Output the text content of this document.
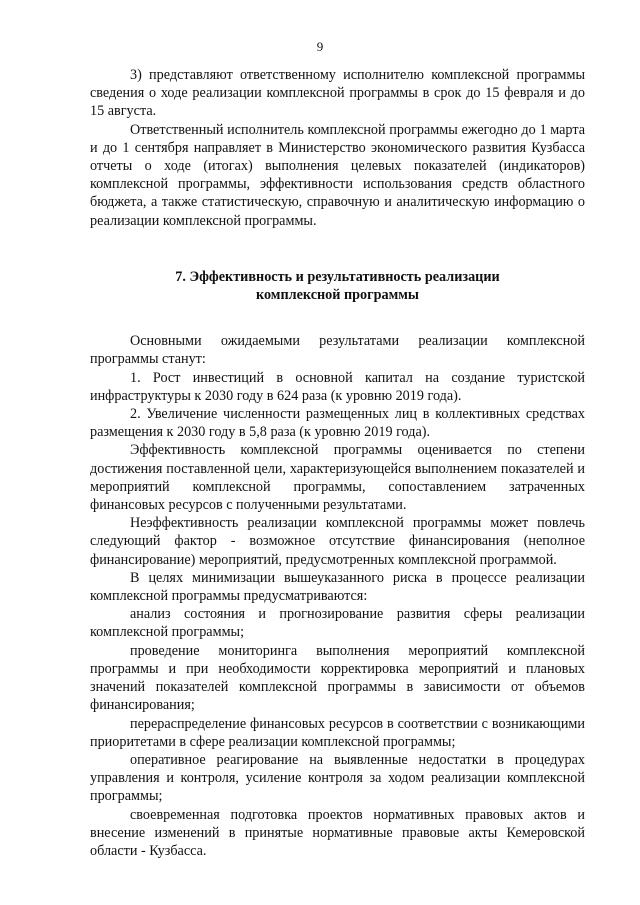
9

3) представляют ответственному исполнителю комплексной программы сведения о ходе реализации комплексной программы в срок до 15 февраля и до 15 августа.

Ответственный исполнитель комплексной программы ежегодно до 1 марта и до 1 сентября направляет в Министерство экономического развития Кузбасса отчеты о ходе (итогах) выполнения целевых показателей (индикаторов) комплексной программы, эффективности использования средств областного бюджета, а также статистическую, справочную и аналитическую информацию о реализации комплексной программы.

7. Эффективность и результативность реализации
комплексной программы

Основными ожидаемыми результатами реализации комплексной программы станут:

1. Рост инвестиций в основной капитал на создание туристской инфраструктуры к 2030 году в 624 раза (к уровню 2019 года).

2. Увеличение численности размещенных лиц в коллективных средствах размещения к 2030 году в 5,8 раза (к уровню 2019 года).

Эффективность комплексной программы оценивается по степени достижения поставленной цели, характеризующейся выполнением показателей и мероприятий комплексной программы, сопоставлением затраченных финансовых ресурсов с полученными результатами.

Неэффективность реализации комплексной программы может повлечь следующий фактор - возможное отсутствие финансирования (неполное финансирование) мероприятий, предусмотренных комплексной программой.

В целях минимизации вышеуказанного риска в процессе реализации комплексной программы предусматриваются:

анализ состояния и прогнозирование развития сферы реализации комплексной программы;

проведение мониторинга выполнения мероприятий комплексной программы и при необходимости корректировка мероприятий и плановых значений показателей комплексной программы в зависимости от объемов финансирования;

перераспределение финансовых ресурсов в соответствии с возникающими приоритетами в сфере реализации комплексной программы;

оперативное реагирование на выявленные недостатки в процедурах управления и контроля, усиление контроля за ходом реализации комплексной программы;

своевременная подготовка проектов нормативных правовых актов и внесение изменений в принятые нормативные правовые акты Кемеровской области - Кузбасса.
